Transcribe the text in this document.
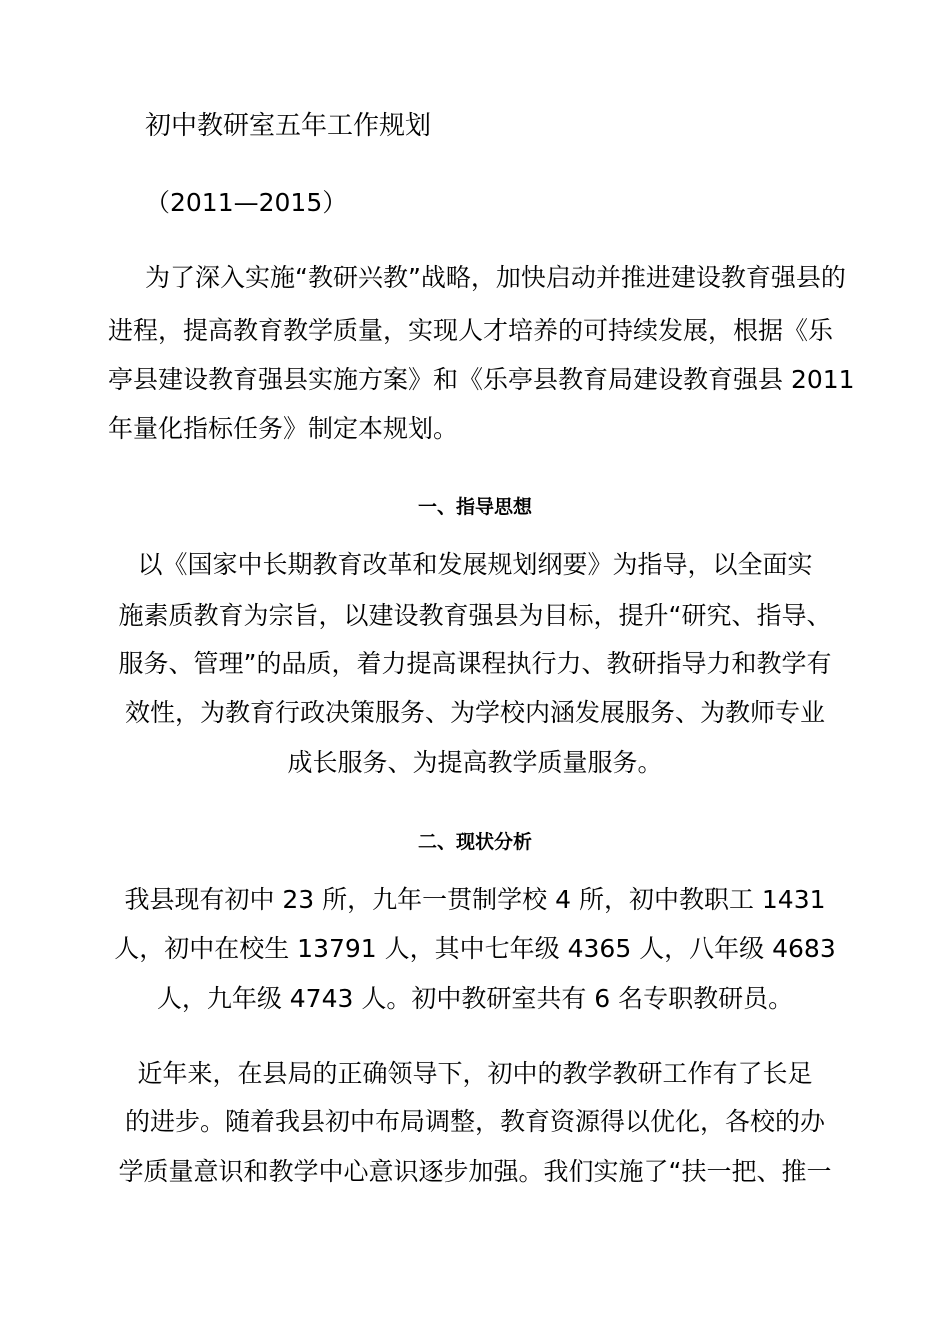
初中教研室五年工作规划
（2011—2015）
为了深入实施“教研兴教”战略，加快启动并推进建设教育强县的
进程，提高教育教学质量，实现人才培养的可持续发展，根据《乐
亭县建设教育强县实施方案》和《乐亭县教育局建设教育强县 2011
年量化指标任务》制定本规划。
一、指导思想
以《国家中长期教育改革和发展规划纲要》为指导，以全面实
施素质教育为宗旨，以建设教育强县为目标，提升“研究、指导、
服务、管理”的品质，着力提高课程执行力、教研指导力和教学有
效性，为教育行政决策服务、为学校内涵发展服务、为教师专业
成长服务、为提高教学质量服务。
二、现状分析
我县现有初中 23 所，九年一贯制学校 4 所，初中教职工 1431
人，初中在校生 13791 人，其中七年级 4365 人，八年级 4683
人，九年级 4743 人。初中教研室共有 6 名专职教研员。
近年来，在县局的正确领导下，初中的教学教研工作有了长足
的进步。随着我县初中布局调整，教育资源得以优化，各校的办
学质量意识和教学中心意识逐步加强。我们实施了“扶一把、推一
